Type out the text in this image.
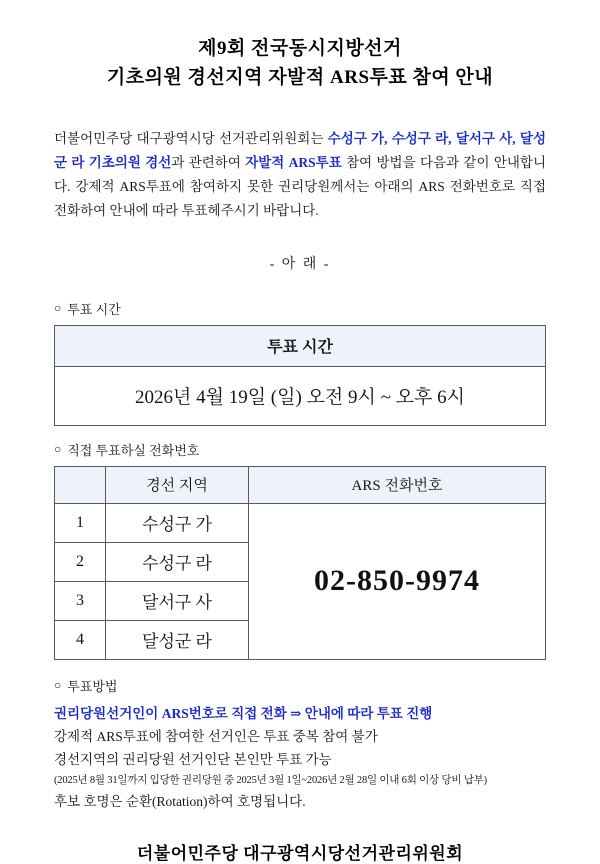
제9회 전국동시지방선거
기초의원 경선지역 자발적 ARS투표 참여 안내

더불어민주당 대구광역시당 선거관리위원회는 수성구 가, 수성구 라, 달서구 사, 달성군 라 기초의원 경선과 관련하여 자발적 ARS투표 참여 방법을 다음과 같이 안내합니다. 강제적 ARS투표에 참여하지 못한 권리당원께서는 아래의 ARS 전화번호로 직접 전화하여 안내에 따라 투표헤주시기 바랍니다.

- 아 래 -
○ 투표 시간
투표 시간
2026년 4월 19일 (일) 오전 9시 ~ 오후 6시
○ 직접 투표하실 전화번호
	경선 지역	ARS 전화번호
1	수성구 가	02-850-9974
2	수성구 라	
3	달서구 사	
4	달성군 라	
○ 투표방법
권리당원선거인이 ARS번호로 직접 전화 ⇒ 안내에 따라 투표 진행
강제적 ARS투표에 참여한 선거인은 투표 중복 참여 불가
경선지역의 권리당원 선거인단 본인만 투표 가능
(2025년 8월 31일까지 입당한 권리당원 중 2025년 3월 1일~2026년 2월 28일 이내 6회 이상 당비 납부)
후보 호명은 순환(Rotation)하여 호명됩니다.
더불어민주당 대구광역시당선거관리위원회
